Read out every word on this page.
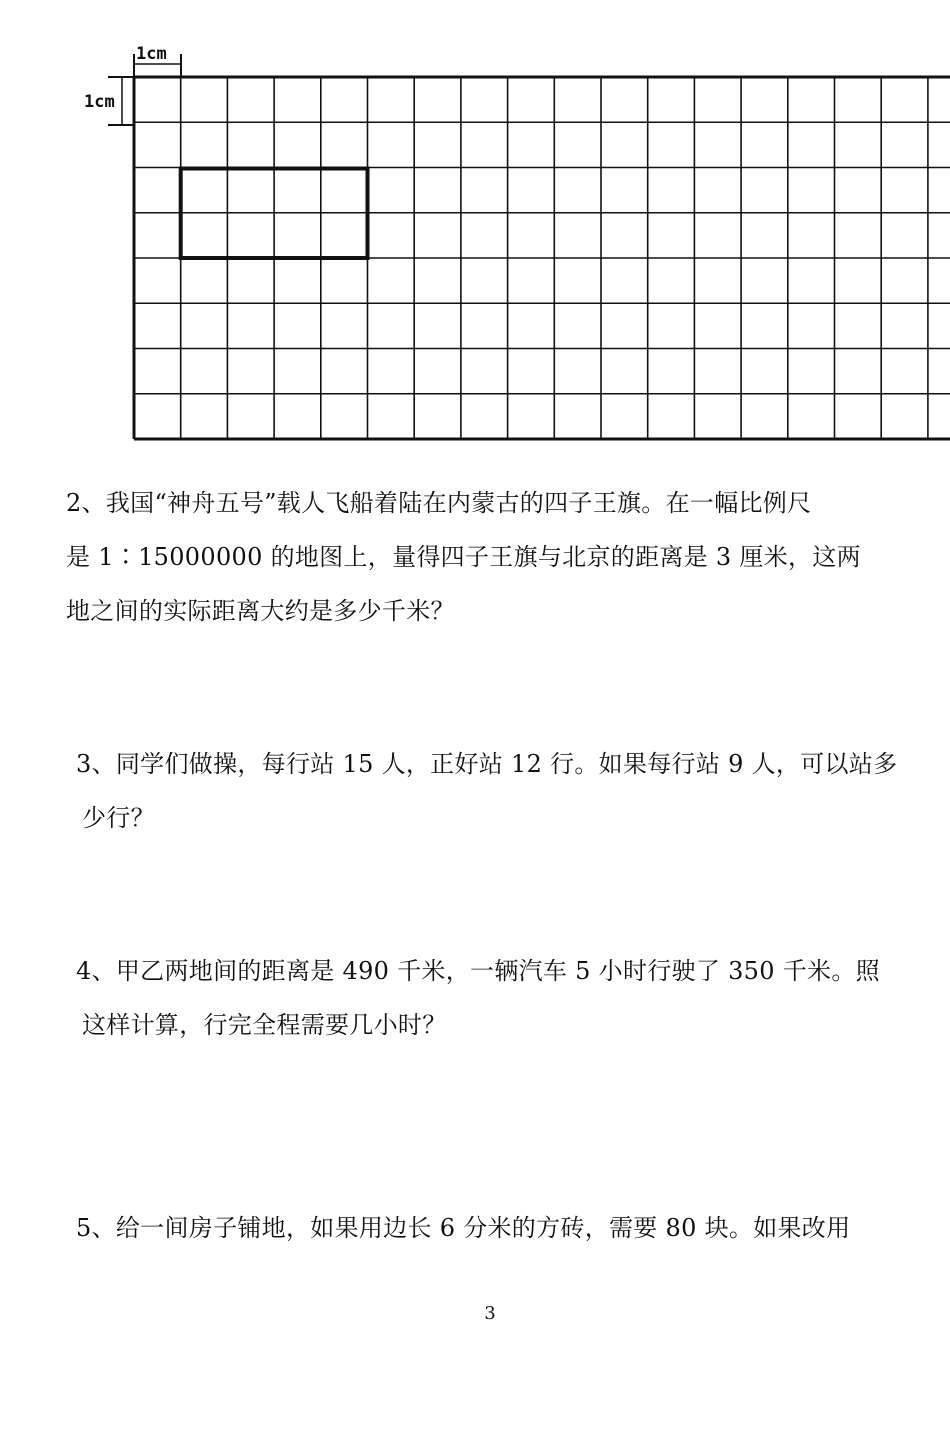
1cm
1cm
2、我国“神舟五号”载人飞船着陆在内蒙古的四子王旗。在一幅比例尺
是 1∶15000000 的地图上，量得四子王旗与北京的距离是 3 厘米，这两
地之间的实际距离大约是多少千米？
3、同学们做操，每行站 15 人，正好站 12 行。如果每行站 9 人，可以站多
少行？
4、甲乙两地间的距离是 490 千米，一辆汽车 5 小时行驶了 350 千米。照
这样计算，行完全程需要几小时？
5、给一间房子铺地，如果用边长 6 分米的方砖，需要 80 块。如果改用
3
